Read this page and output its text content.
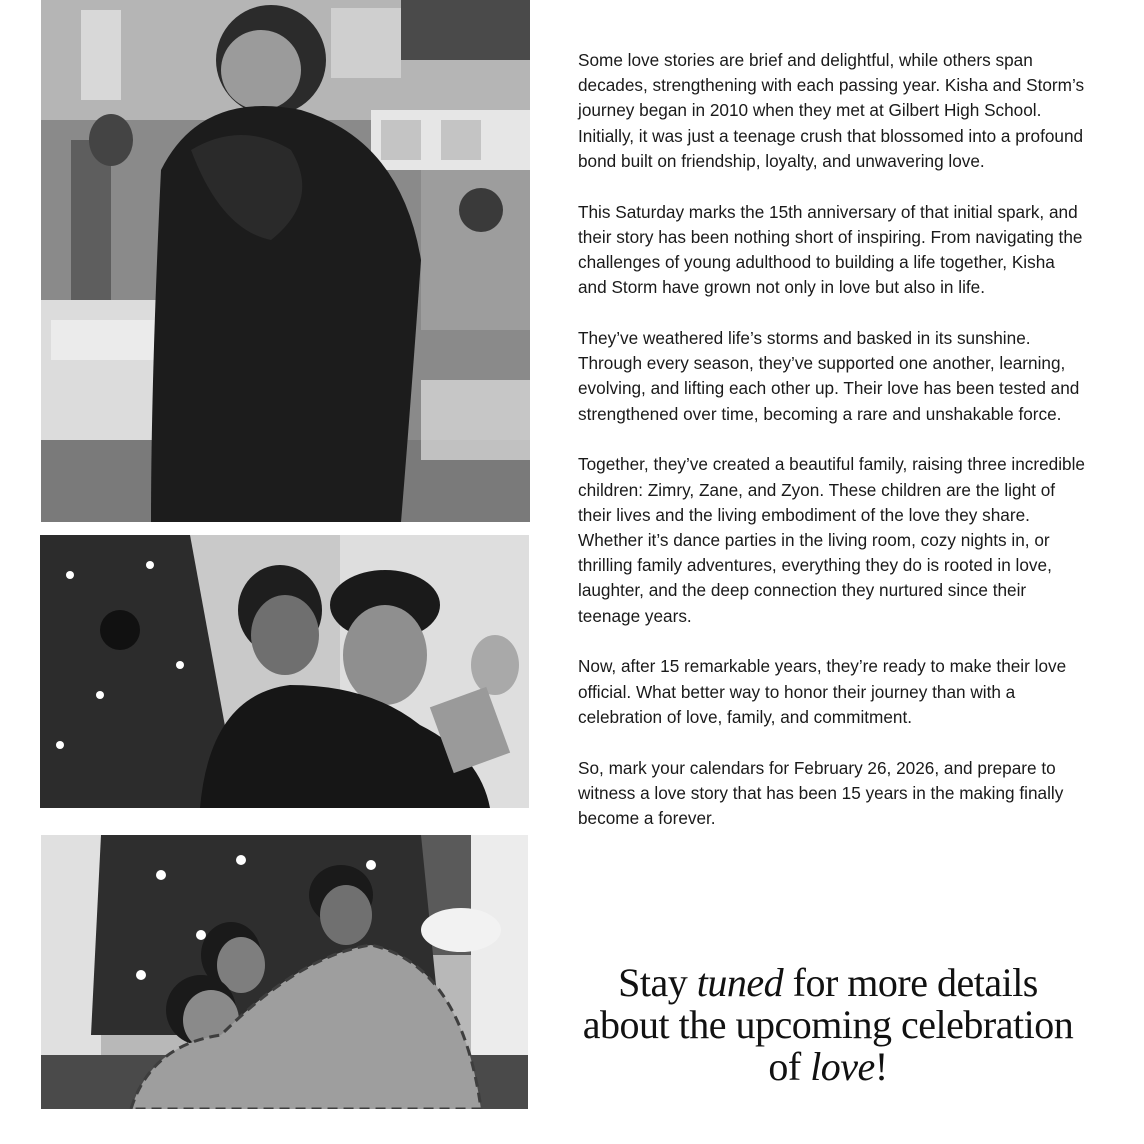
Some love stories are brief and delightful, while others span decades, strengthening with each passing year. Kisha and Storm’s journey began in 2010 when they met at Gilbert High School. Initially, it was just a teenage crush that blossomed into a profound bond built on friendship, loyalty, and unwavering love.

This Saturday marks the 15th anniversary of that initial spark, and their story has been nothing short of inspiring. From navigating the challenges of young adulthood to building a life together, Kisha and Storm have grown not only in love but also in life.

They’ve weathered life’s storms and basked in its sunshine. Through every season, they’ve supported one another, learning, evolving, and lifting each other up. Their love has been tested and strengthened over time, becoming a rare and unshakable force.

Together, they’ve created a beautiful family, raising three incredible children: Zimry, Zane, and Zyon. These children are the light of their lives and the living embodiment of the love they share. Whether it’s dance parties in the living room, cozy nights in, or thrilling family adventures, everything they do is rooted in love, laughter, and the deep connection they nurtured since their teenage years.

Now, after 15 remarkable years, they’re ready to make their love official. What better way to honor their journey than with a celebration of love, family, and commitment.

So, mark your calendars for February 26, 2026, and prepare to witness a love story that has been 15 years in the making finally become a forever.

Stay tuned for more details about the upcoming celebration of love!
